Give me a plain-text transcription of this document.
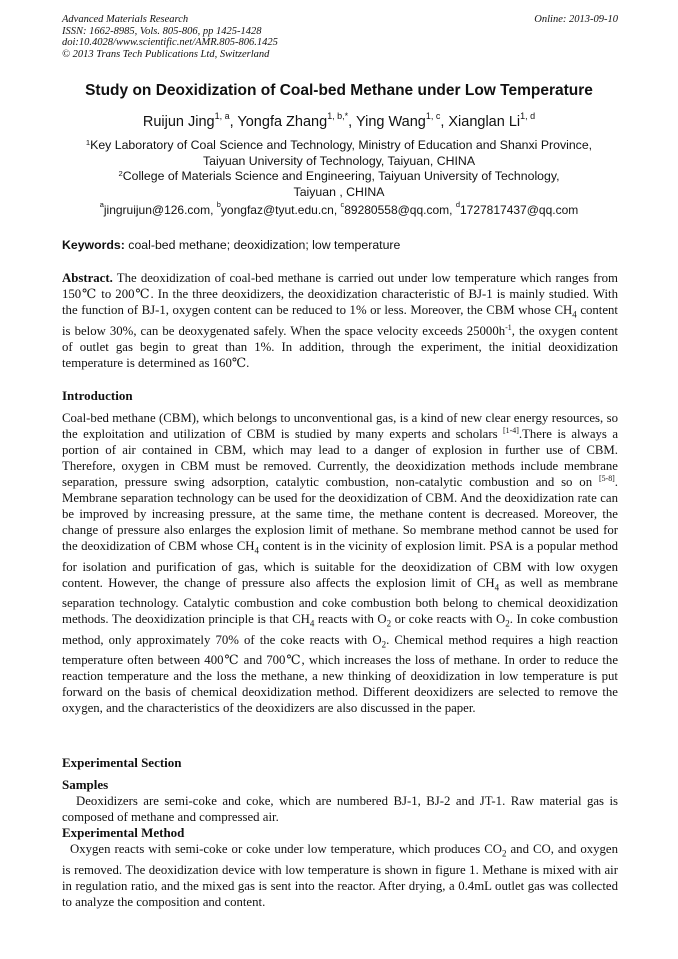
Advanced Materials Research
ISSN: 1662-8985, Vols. 805-806, pp 1425-1428
doi:10.4028/www.scientific.net/AMR.805-806.1425
© 2013 Trans Tech Publications Ltd, Switzerland
Online: 2013-09-10
Study on Deoxidization of Coal-bed Methane under Low Temperature
Ruijun Jing$^{1, a}$, Yongfa Zhang$^{1, b,*}$, Ying Wang$^{1, c}$, Xianglan Li$^{1, d}$
$^1$Key Laboratory of Coal Science and Technology, Ministry of Education and Shanxi Province,
Taiyuan University of Technology, Taiyuan, CHINA
$^2$College of Materials Science and Engineering, Taiyuan University of Technology,
Taiyuan , CHINA
$^a$jingruijun@126.com, $^b$yongfaz@tyut.edu.cn, $^c$89280558@qq.com, $^d$1727817437@qq.com
Keywords: coal-bed methane; deoxidization; low temperature
Abstract. The deoxidization of coal-bed methane is carried out under low temperature which ranges from 150℃ to 200℃. In the three deoxidizers, the deoxidization characteristic of BJ-1 is mainly studied. With the function of BJ-1, oxygen content can be reduced to 1% or less. Moreover, the CBM whose $CH_4$ content is below 30%, can be deoxygenated safely. When the space velocity exceeds $25000h^{-1}$, the oxygen content of outlet gas begin to great than 1%. In addition, through the experiment, the initial deoxidization temperature is determined as 160℃.
Introduction
Coal-bed methane (CBM), which belongs to unconventional gas, is a kind of new clear energy resources, so the exploitation and utilization of CBM is studied by many experts and scholars [1-4].There is always a portion of air contained in CBM, which may lead to a danger of explosion in further use of CBM. Therefore, oxygen in CBM must be removed. Currently, the deoxidization methods include membrane separation, pressure swing adsorption, catalytic combustion, non-catalytic combustion and so on [5-8]. Membrane separation technology can be used for the deoxidization of CBM. And the deoxidization rate can be improved by increasing pressure, at the same time, the methane content is decreased. Moreover, the change of pressure also enlarges the explosion limit of methane. So membrane method cannot be used for the deoxidization of CBM whose $CH_4$ content is in the vicinity of explosion limit. PSA is a popular method for isolation and purification of gas, which is suitable for the deoxidization of CBM with low oxygen content. However, the change of pressure also affects the explosion limit of $CH_4$ as well as membrane separation technology. Catalytic combustion and coke combustion both belong to chemical deoxidization methods. The deoxidization principle is that $CH_4$ reacts with $O_2$ or coke reacts with $O_2$. In coke combustion method, only approximately 70% of the coke reacts with $O_2$. Chemical method requires a high reaction temperature often between 400℃ and 700℃, which increases the loss of methane. In order to reduce the reaction temperature and the loss the methane, a new thinking of deoxidization in low temperature is put forward on the basis of chemical deoxidization method. Different deoxidizers are selected to remove the oxygen, and the characteristics of the deoxidizers are also discussed in the paper.
Experimental Section
Samples
Deoxidizers are semi-coke and coke, which are numbered BJ-1, BJ-2 and JT-1. Raw material gas is composed of methane and compressed air.
Experimental Method
Oxygen reacts with semi-coke or coke under low temperature, which produces $CO_2$ and CO, and oxygen is removed. The deoxidization device with low temperature is shown in figure 1. Methane is mixed with air in regulation ratio, and the mixed gas is sent into the reactor. After drying, a 0.4mL outlet gas was collected to analyze the composition and content.
